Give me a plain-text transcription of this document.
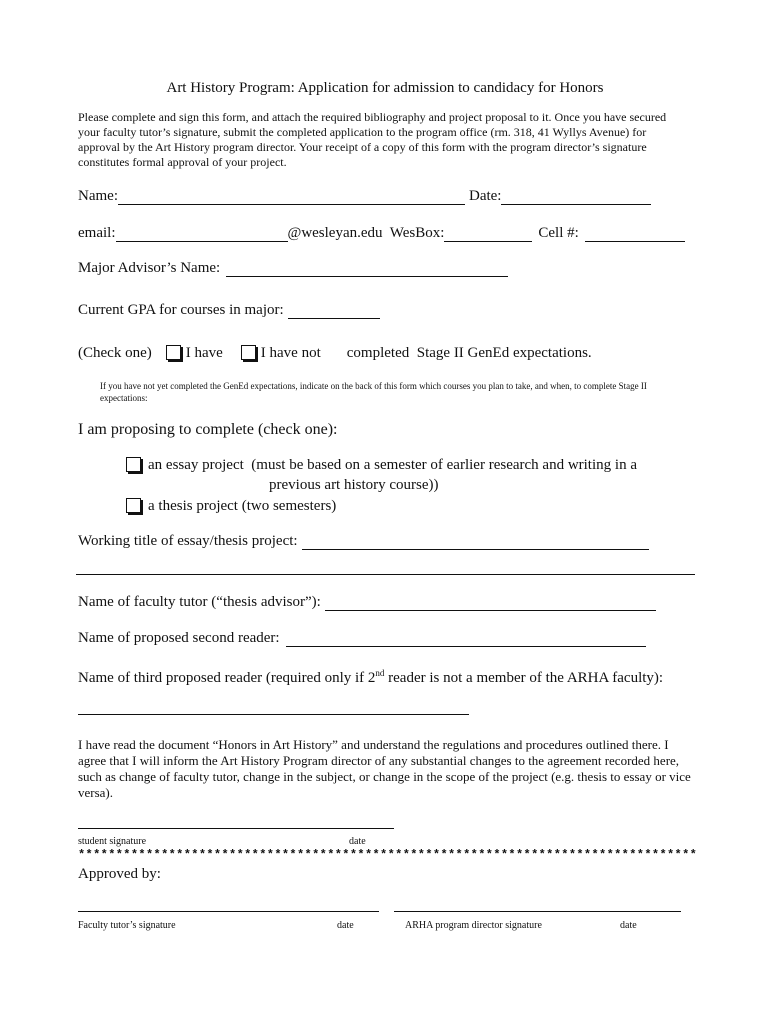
Art History Program: Application for admission to candidacy for Honors
Please complete and sign this form, and attach the required bibliography and project proposal to it. Once you have secured your faculty tutor’s signature, submit the completed application to the program office (rm. 318, 41 Wyllys Avenue) for approval by the Art History program director. Your receipt of a copy of this form with the program director’s signature constitutes formal approval of your project.
Name:	Date:
email:	@wesleyan.edu  WesBox:	Cell #:
Major Advisor’s Name:
Current GPA for courses in major:
(Check one) I have	I have not completed  Stage II GenEd expectations.
If you have not yet completed the GenEd expectations, indicate on the back of this form which courses you plan to take, and when, to complete Stage II expectations:
I am proposing to complete (check one):
an essay project  (must be based on a semester of earlier research and writing in a
previous art history course))
a thesis project (two semesters)
Working title of essay/thesis project:
Name of faculty tutor (“thesis advisor”):
Name of proposed second reader:
Name of third proposed reader (required only if 2nd reader is not a member of the ARHA faculty):
I have read the document “Honors in Art History” and understand the regulations and procedures outlined there. I agree that I will inform the Art History Program director of any substantial changes to the agreement recorded here, such as change of faculty tutor, change in the subject, or change in the scope of the project (e.g. thesis to essay or vice versa).
student signature	date
**********************************************************************************
Approved by:
Faculty tutor’s signature	date	ARHA program director signature	date
